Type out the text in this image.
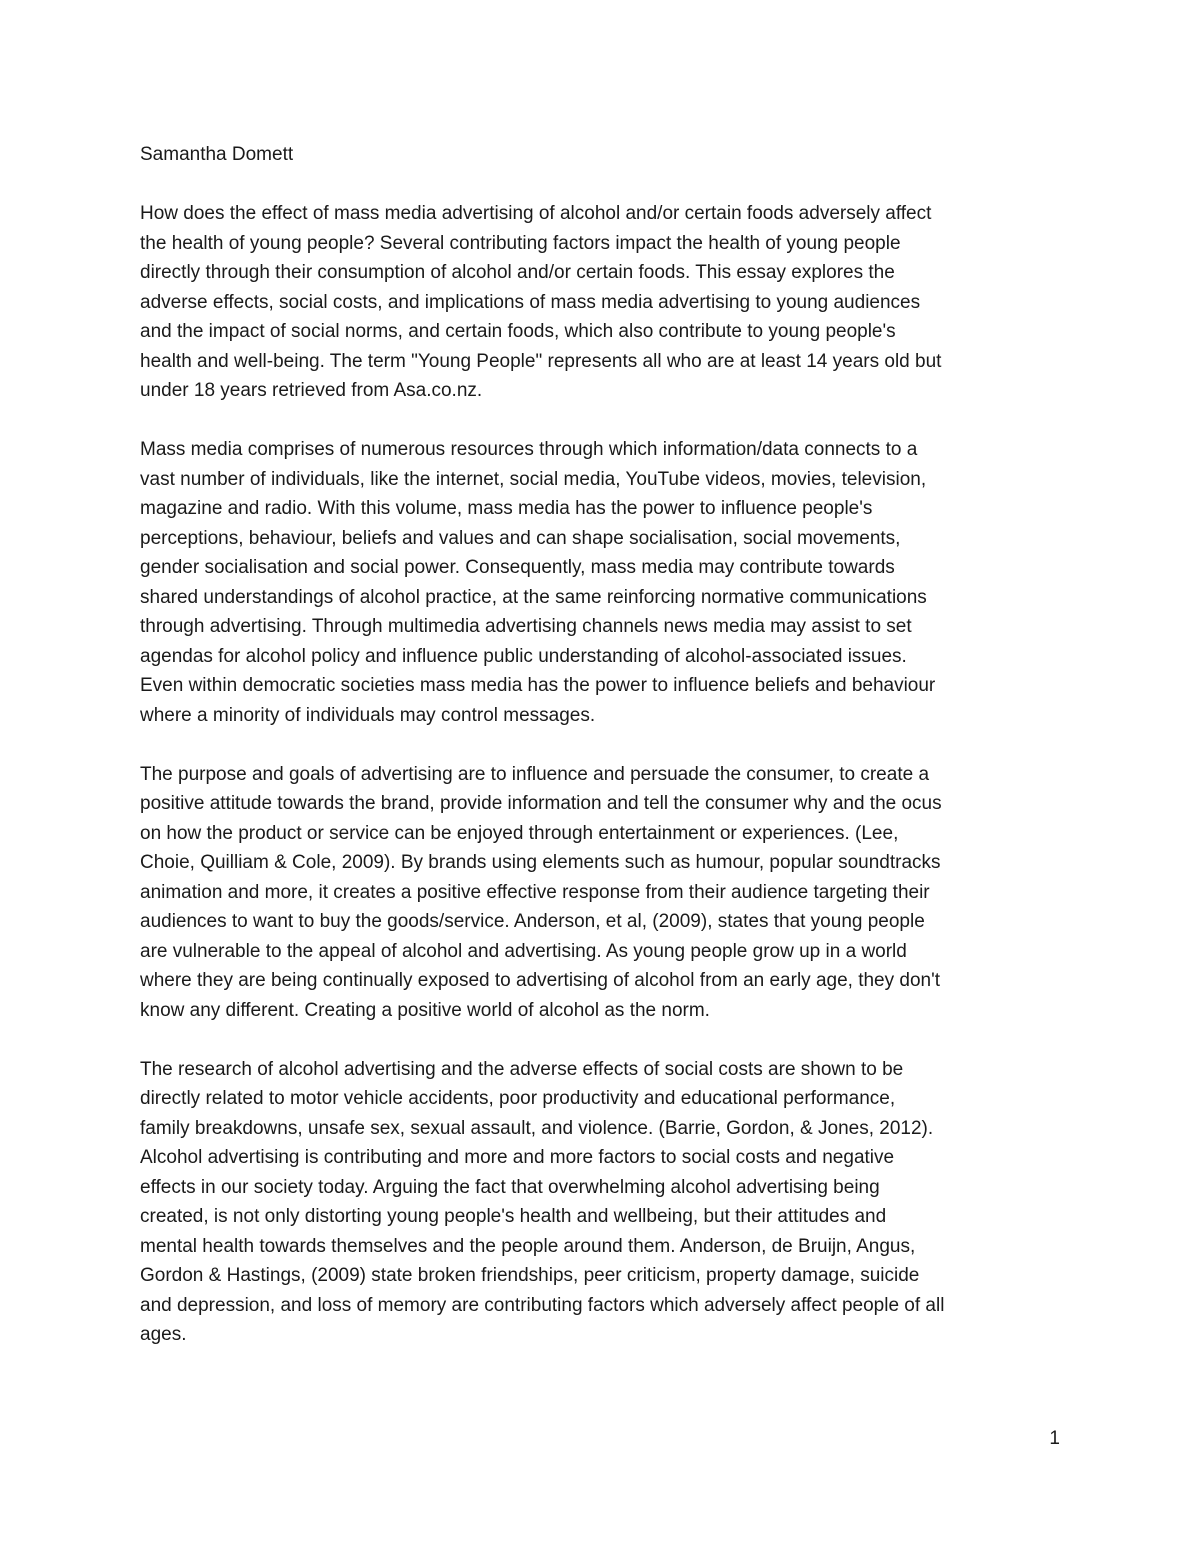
Samantha Domett

How does the effect of mass media advertising of alcohol and/or certain foods adversely affect
the health of young people? Several contributing factors impact the health of young people
directly through their consumption of alcohol and/or certain foods. This essay explores the
adverse effects, social costs, and implications of mass media advertising to young audiences
and the impact of social norms, and certain foods, which also contribute to young people's
health and well-being. The term "Young People" represents all who are at least 14 years old but
under 18 years retrieved from Asa.co.nz.

Mass media comprises of numerous resources through which information/data connects to a
vast number of individuals, like the internet, social media, YouTube videos, movies, television,
magazine and radio. With this volume, mass media has the power to influence people's
perceptions, behaviour, beliefs and values and can shape socialisation, social movements,
gender socialisation and social power. Consequently, mass media may contribute towards
shared understandings of alcohol practice, at the same reinforcing normative communications
through advertising. Through multimedia advertising channels news media may assist to set
agendas for alcohol policy and influence public understanding of alcohol-associated issues.
Even within democratic societies mass media has the power to influence beliefs and behaviour
where a minority of individuals may control messages.

The purpose and goals of advertising are to influence and persuade the consumer, to create a
positive attitude towards the brand, provide information and tell the consumer why and the ocus
on how the product or service can be enjoyed through entertainment or experiences. (Lee,
Choie, Quilliam & Cole, 2009). By brands using elements such as humour, popular soundtracks
animation and more, it creates a positive effective response from their audience targeting their
audiences to want to buy the goods/service. Anderson, et al, (2009), states that young people
are vulnerable to the appeal of alcohol and advertising. As young people grow up in a world
where they are being continually exposed to advertising of alcohol from an early age, they don't
know any different. Creating a positive world of alcohol as the norm.

The research of alcohol advertising and the adverse effects of social costs are shown to be
directly related to motor vehicle accidents, poor productivity and educational performance,
family breakdowns, unsafe sex, sexual assault, and violence. (Barrie, Gordon, & Jones, 2012).
Alcohol advertising is contributing and more and more factors to social costs and negative
effects in our society today. Arguing the fact that overwhelming alcohol advertising being
created, is not only distorting young people's health and wellbeing, but their attitudes and
mental health towards themselves and the people around them. Anderson, de Bruijn, Angus,
Gordon & Hastings, (2009) state broken friendships, peer criticism, property damage, suicide
and depression, and loss of memory are contributing factors which adversely affect people of all
ages.

1
